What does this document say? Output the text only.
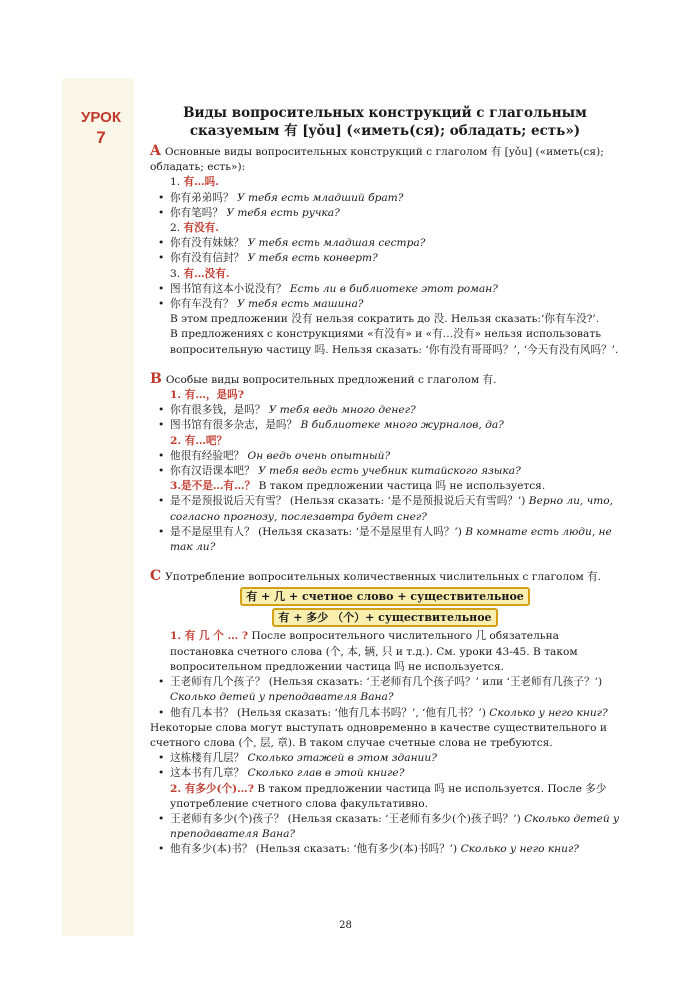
УРОК
7
Виды вопросительных конструкций с глагольным
сказуемым 有 [yǒu] («иметь(ся); обладать; есть»)

A Основные виды вопросительных конструкций с глаголом 有 [yǒu] («иметь(ся); обладать; есть»):

1. 有…吗.

• 你有弟弟吗？ У тебя есть младший брат?

• 你有笔吗？ У тебя есть ручка?

2. 有没有.

• 你有没有妹妹？ У тебя есть младшая сестра?

• 你有没有信封？ У тебя есть конверт?

3. 有…没有.

• 图书馆有这本小说没有？ Есть ли в библиотеке этот роман?

• 你有车没有？ У тебя есть машина?

В этом предложении 没有 нельзя сократить до 没. Нельзя сказать:‘你有车没?’.

В предложениях с конструкциями «有没有» и «有…没有» нельзя использовать вопросительную частицу 吗. Нельзя сказать: ‘你有没有哥哥吗？’, ‘今天有没有风吗？’.

B Особые виды вопросительных предложений с глаголом 有.

1. 有…，是吗?

• 你有很多钱，是吗？ У тебя ведь много денег?

• 图书馆有很多杂志，是吗？ В библиотеке много журналов, да?

2. 有…吧？

• 他很有经验吧？ Он ведь очень опытный?

• 你有汉语课本吧？ У тебя ведь есть учебник китайского языка?

3.是不是…有…？ В таком предложении частица 吗 не используется.

• 是不是预报说后天有雪？ (Нельзя сказать: ‘是不是预报说后天有雪吗？’) Верно ли, что, согласно прогнозу, послезавтра будет снег?

• 是不是屋里有人？ (Нельзя сказать: ‘是不是屋里有人吗？’) В комнате есть люди, не так ли?

C Употребление вопросительных количественных числительных с глаголом 有.

有 + 几 + счетное слово + существительное
有 + 多少 （个）+ существительное

1. 有 几 个 … ? После вопросительного числительного 几 обязательна постановка счетного слова (个, 本, 辆, 只 и т.д.). См. уроки 43-45. В таком вопросительном предложении частица 吗 не используется.

• 王老师有几个孩子？ (Нельзя сказать: ‘王老师有几个孩子吗？’ или ‘王老师有几孩子？’) Сколько детей у преподавателя Вана?

• 他有几本书？ (Нельзя сказать: ‘他有几本书吗？’, ‘他有几书？’) Сколько у него книг?

Некоторые слова могут выступать одновременно в качестве существительного и счетного слова (个, 层, 章). В таком случае счетные слова не требуются.

• 这栋楼有几层？ Сколько этажей в этом здании?

• 这本书有几章？ Сколько глав в этой книге?

2. 有多少(个)…? В таком предложении частица 吗 не используется. После 多少 употребление счетного слова факультативно.

• 王老师有多少(个)孩子？ (Нельзя сказать: ‘王老师有多少(个)孩子吗？’) Сколько детей у преподавателя Вана?

• 他有多少(本)书？ (Нельзя сказать: ‘他有多少(本)书吗？’) Сколько у него книг?

28
